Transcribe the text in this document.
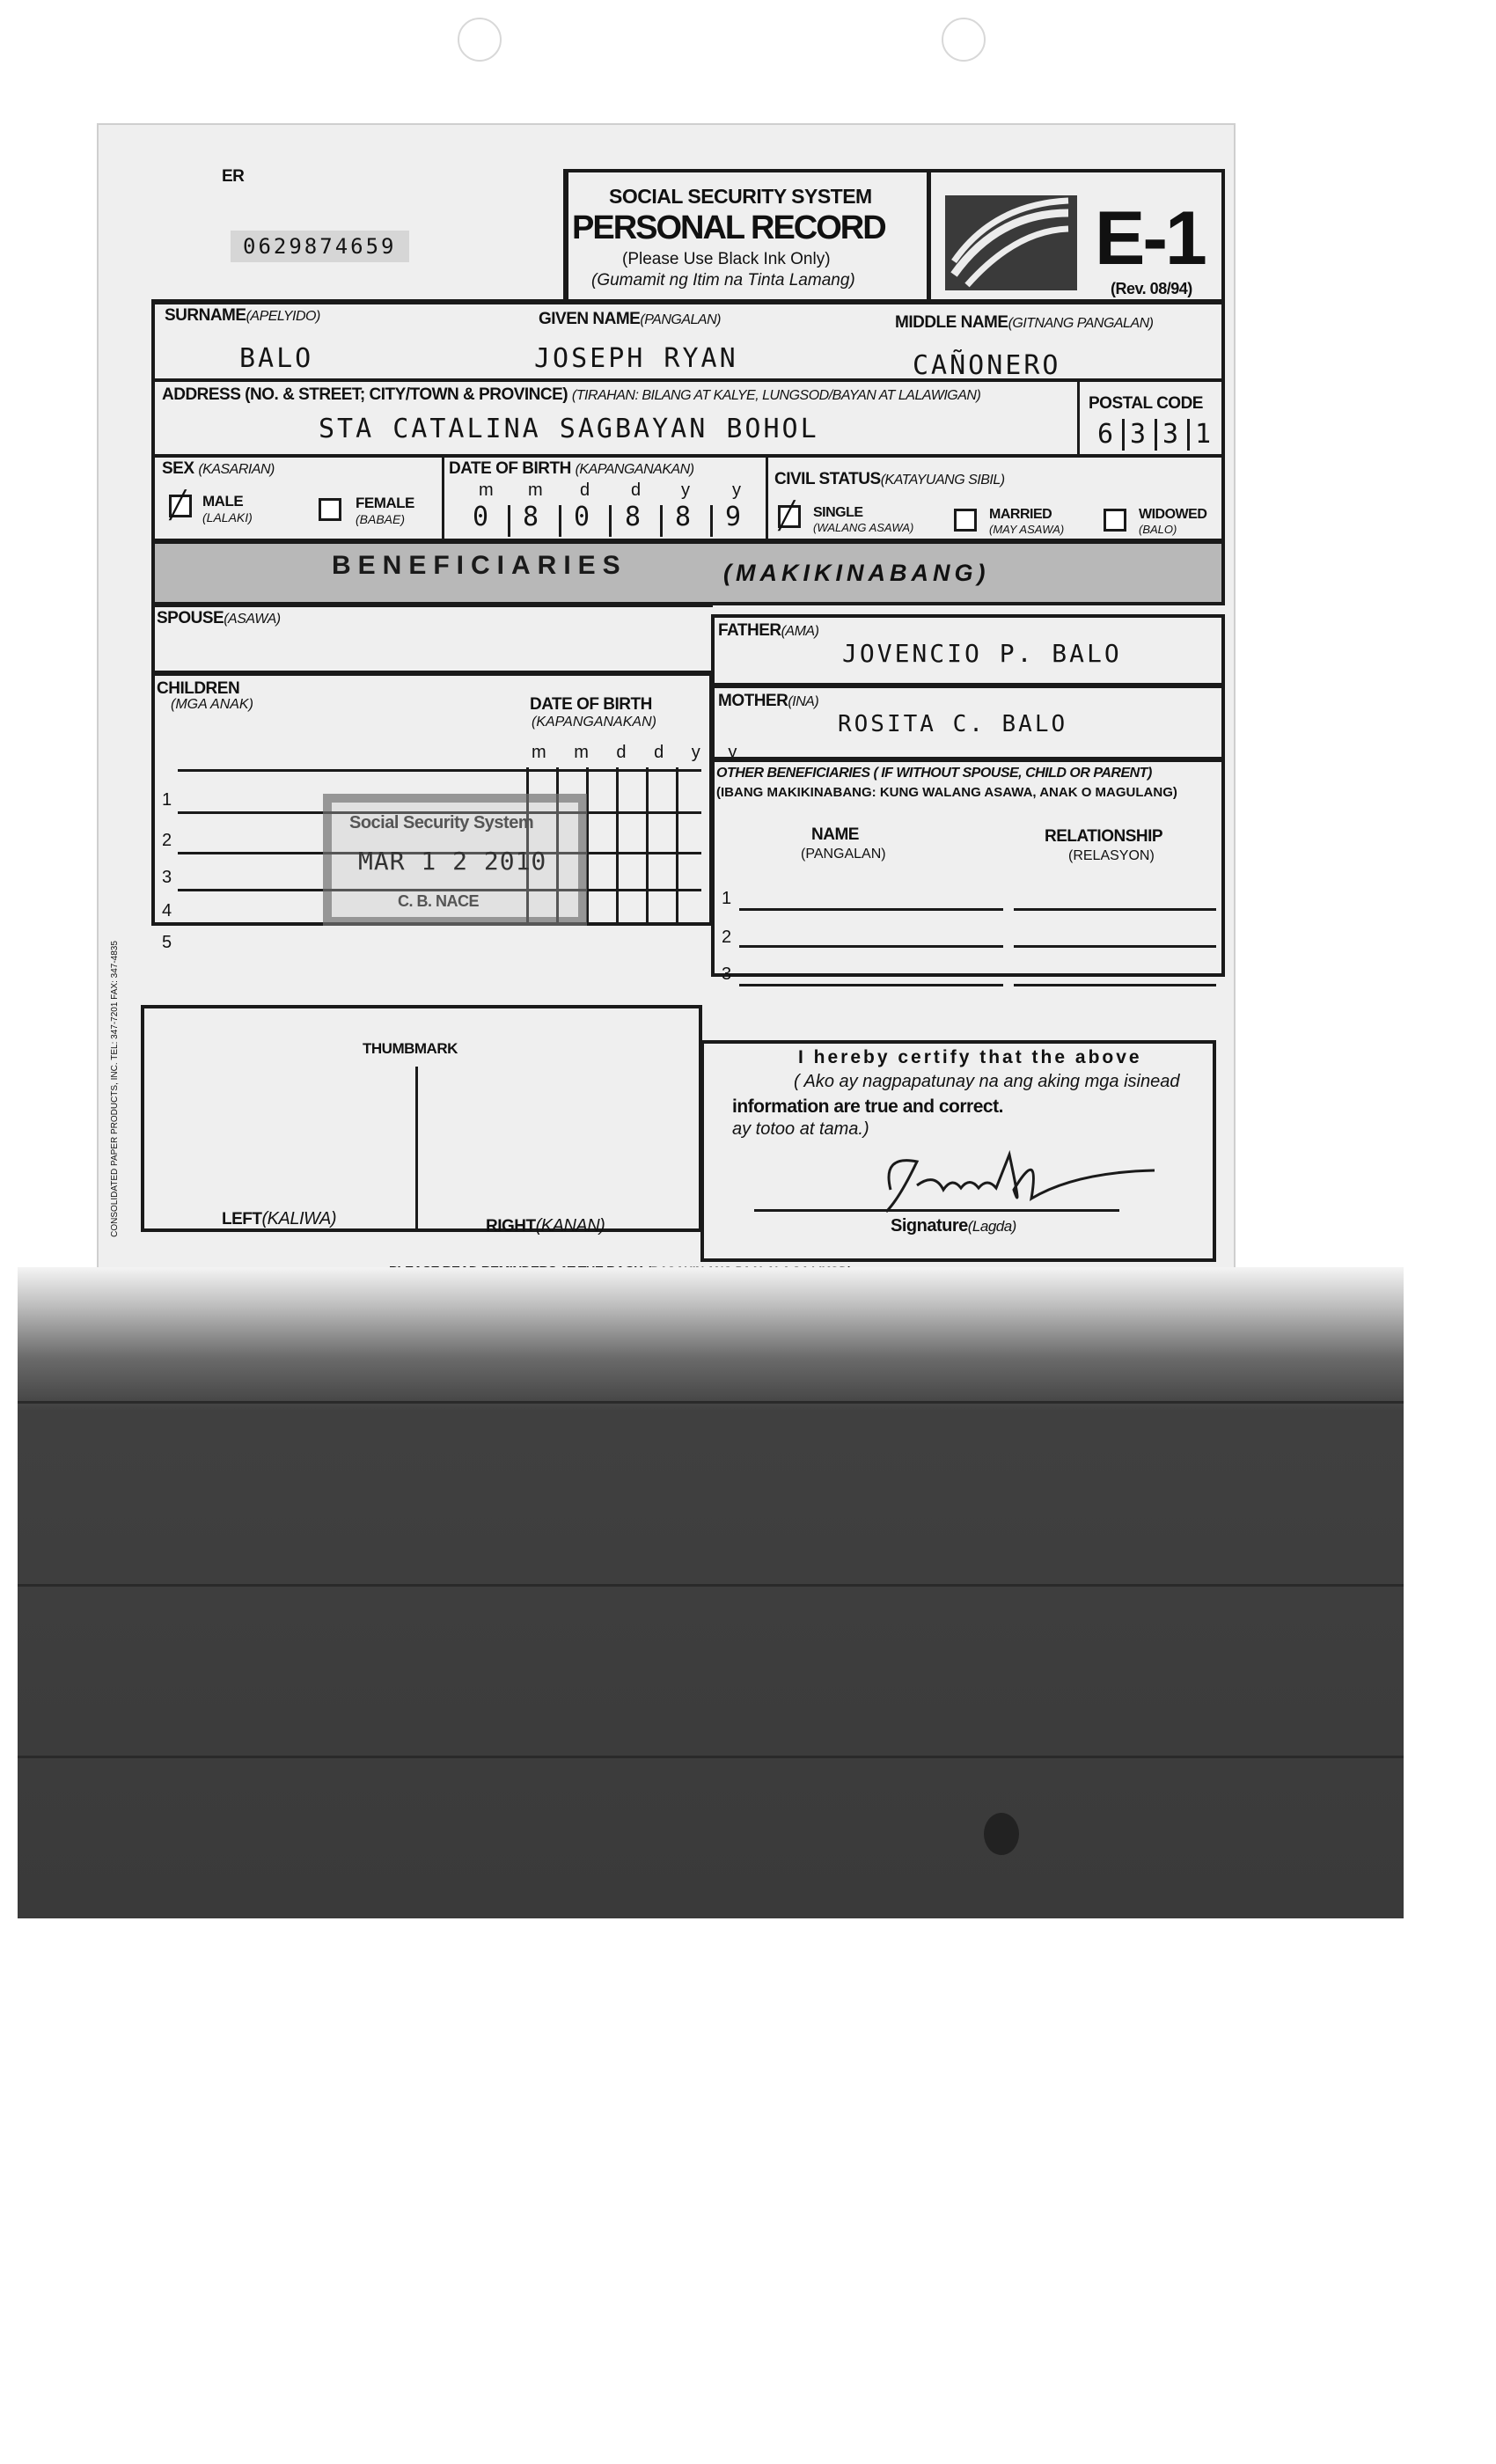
ER
0629874659
SOCIAL SECURITY SYSTEM
PERSONAL RECORD
(Please Use Black Ink Only)
(Gumamit ng Itim na Tinta Lamang)	E-1
(Rev. 08/94)
SURNAME(APELYIDO)
BALO
GIVEN NAME(PANGALAN)
JOSEPH RYAN
MIDDLE NAME(GITNANG PANGALAN)
CAÑONERO
ADDRESS (NO. & STREET; CITY/TOWN & PROVINCE) (TIRAHAN: BILANG AT KALYE, LUNGSOD/BAYAN AT LALAWIGAN)
STA CATALINA SAGBAYAN BOHOL
POSTAL CODE
6 3 3 1
SEX (KASARIAN)
╱
MALE
(LALAKI)
FEMALE
(BABAE)
DATE OF BIRTH (KAPANGANAKAN)
m m d d y y
0 8 0 8 8 9
CIVIL STATUS(KATAYUANG SIBIL)
╱
SINGLE
(WALANG ASAWA)
MARRIED
(MAY ASAWA)
WIDOWED
(BALO)
BENEFICIARIES	(MAKIKINABANG)
SPOUSE(ASAWA)
FATHER(AMA)
JOVENCIO P. BALO
CHILDREN
(MGA ANAK)	DATE OF BIRTH
(KAPANGANAKAN)
m m d d y y
1
2
3
4
5
Social Security System
MAR 1 2 2010
C. B. NACE
MOTHER(INA)
ROSITA C. BALO
OTHER BENEFICIARIES ( IF WITHOUT SPOUSE, CHILD OR PARENT)
(IBANG MAKIKINABANG: KUNG WALANG ASAWA, ANAK O MAGULANG)
NAME
(PANGALAN)
RELATIONSHIP
(RELASYON)
1
2
3
THUMBMARK
LEFT(KALIWA)	RIGHT(KANAN)
I hereby certify that the above
( Ako ay nagpapatunay na ang aking mga isinead
information are true and correct.
ay totoo at tama.)
Signature(Lagda)
CONSOLIDATED PAPER PRODUCTS, INC. TEL: 347-7201 FAX: 347-4835
